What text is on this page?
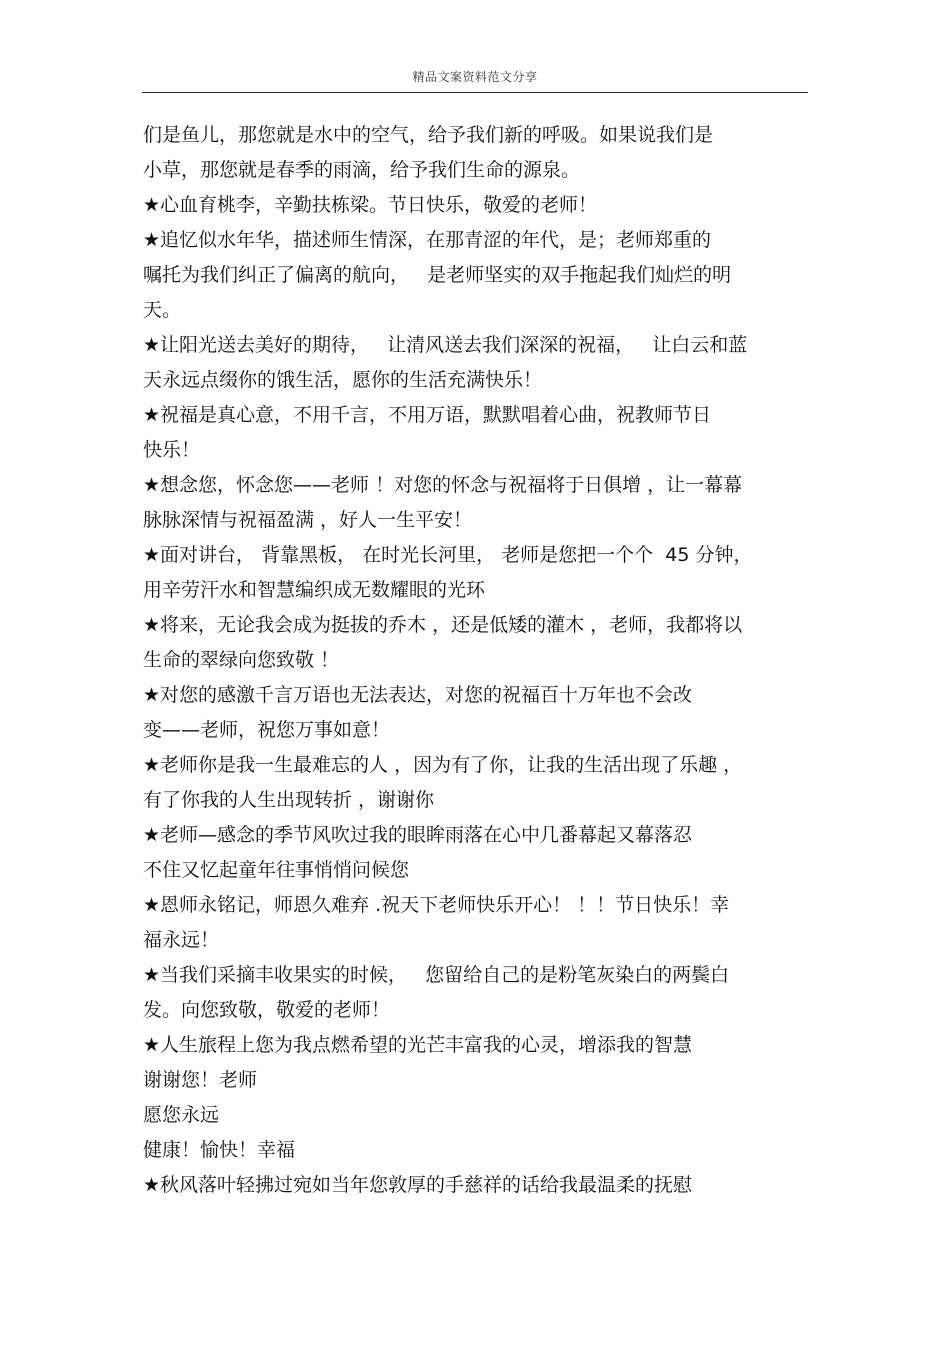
精品文案资料范文分享
们是鱼儿，那您就是水中的空气，给予我们新的呼吸。如果说我们是
小草，那您就是春季的雨滴，给予我们生命的源泉。
★心血育桃李，辛勤扶栋梁。节日快乐，敬爱的老师！
★追忆似水年华，描述师生情深，在那青涩的年代，是；老师郑重的
嘱托为我们纠正了偏离的航向，   是老师坚实的双手拖起我们灿烂的明
天。
★让阳光送去美好的期待，   让清风送去我们深深的祝福，   让白云和蓝
天永远点缀你的饿生活，愿你的生活充满快乐！
★祝福是真心意，不用千言，不用万语，默默唱着心曲，祝教师节日
快乐！
★想念您，怀念您——老师 ！对您的怀念与祝福将于日俱增 ，让一幕幕
脉脉深情与祝福盈满 ，好人一生平安！
★面对讲台， 背靠黑板， 在时光长河里， 老师是您把一个个  45 分钟，
用辛劳汗水和智慧编织成无数耀眼的光环
★将来，无论我会成为挺拔的乔木 ，还是低矮的灌木 ，老师，我都将以
生命的翠绿向您致敬 ！
★对您的感激千言万语也无法表达，对您的祝福百十万年也不会改
变——老师，祝您万事如意！
★老师你是我一生最难忘的人 ，因为有了你，让我的生活出现了乐趣 ，
有了你我的人生出现转折 ，谢谢你
★老师—感念的季节风吹过我的眼眸雨落在心中几番幕起又幕落忍
不住又忆起童年往事悄悄问候您
★恩师永铭记，师恩久难弃 .祝天下老师快乐开心！ ！！节日快乐！幸
福永远！
★当我们采摘丰收果实的时候，   您留给自己的是粉笔灰染白的两鬓白
发。向您致敬，敬爱的老师！
★人生旅程上您为我点燃希望的光芒丰富我的心灵，增添我的智慧
谢谢您！老师
愿您永远
健康！愉快！幸福
★秋风落叶轻拂过宛如当年您敦厚的手慈祥的话给我最温柔的抚慰
